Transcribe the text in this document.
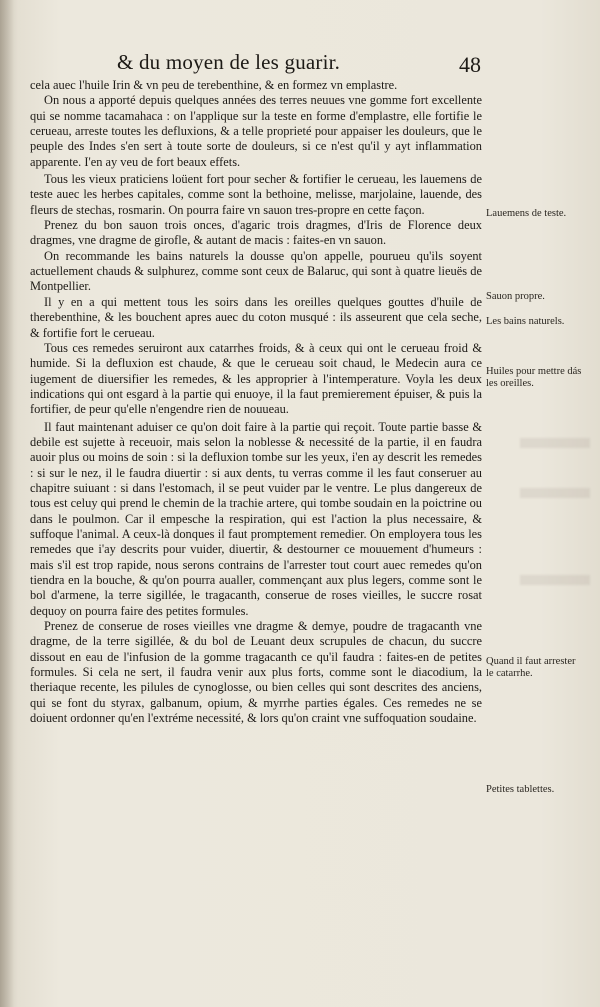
& du moyen de les guarir.	48

cela auec l'huile Irin & vn peu de terebenthine, & en formez vn emplastre.

On nous a apporté depuis quelques années des terres neuues vne gomme fort excellente qui se nomme tacamahaca : on l'applique sur la teste en forme d'emplastre, elle fortifie le cerueau, arreste toutes les defluxions, & a telle proprieté pour appaiser les douleurs, que le peuple des Indes s'en sert à toute sorte de douleurs, si ce n'est qu'il y ayt inflammation apparente. I'en ay veu de fort beaux effets.

Tous les vieux praticiens loüent fort pour secher & fortifier le cerueau, les lauemens de teste auec les herbes capitales, comme sont la bethoine, melisse, marjolaine, lauende, des fleurs de stechas, rosmarin. On pourra faire vn sauon tres-propre en cette façon.

Prenez du bon sauon trois onces, d'agaric trois dragmes, d'Iris de Florence deux dragmes, vne dragme de girofle, & autant de macis : faites-en vn sauon.

On recommande les bains naturels la dousse qu'on appelle, pourueu qu'ils soyent actuellement chauds & sulphurez, comme sont ceux de Balaruc, qui sont à quatre lieuës de Montpellier.

Il y en a qui mettent tous les soirs dans les oreilles quelques gouttes d'huile de therebenthine, & les bouchent apres auec du coton musqué : ils asseurent que cela seche, & fortifie fort le cerueau.

Tous ces remedes seruiront aux catarrhes froids, & à ceux qui ont le cerueau froid & humide. Si la defluxion est chaude, & que le cerueau soit chaud, le Medecin aura ce iugement de diuersifier les remedes, & les approprier à l'intemperature. Voyla les deux indications qui ont esgard à la partie qui enuoye, il la faut premierement épuiser, & puis la fortifier, de peur qu'elle n'engendre rien de nouueau.

Il faut maintenant aduiser ce qu'on doit faire à la partie qui reçoit. Toute partie basse & debile est sujette à receuoir, mais selon la noblesse & necessité de la partie, il en faudra auoir plus ou moins de soin : si la defluxion tombe sur les yeux, i'en ay descrit les remedes : si sur le nez, il le faudra diuertir : si aux dents, tu verras comme il les faut conseruer au chapitre suiuant : si dans l'estomach, il se peut vuider par le ventre. Le plus dangereux de tous est celuy qui prend le chemin de la trachie artere, qui tombe soudain en la poictrine ou dans le poulmon. Car il empesche la respiration, qui est l'action la plus necessaire, & suffoque l'animal. A ceux-là donques il faut promptement remedier. On employera tous les remedes que i'ay descrits pour vuider, diuertir, & destourner ce mouuement d'humeurs : mais s'il est trop rapide, nous serons contrains de l'arrester tout court auec remedes qu'on tiendra en la bouche, & qu'on pourra aualler, commençant aux plus legers, comme sont le bol d'armene, la terre sigillée, le tragacanth, conserue de roses vieilles, le succre rosat dequoy on pourra faire des petites formules.

Prenez de conserue de roses vieilles vne dragme & demye, poudre de tragacanth vne dragme, de la terre sigillée, & du bol de Leuant deux scrupules de chacun, du succre dissout en eau de l'infusion de la gomme tragacanth ce qu'il faudra : faites-en de petites formules. Si cela ne sert, il faudra venir aux plus forts, comme sont le diacodium, la theriaque recente, les pilules de cynoglosse, ou bien celles qui sont descrites des anciens, qui se font du styrax, galbanum, opium, & myrrhe parties égales. Ces remedes ne se doiuent ordonner qu'en l'extréme necessité, & lors qu'on craint vne suffoquation soudaine.

Lauemens de teste.
Sauon propre.
Les bains naturels.
Huiles pour mettre dás les oreilles.
Quand il faut arrester le catarrhe.
Petites tablettes.
